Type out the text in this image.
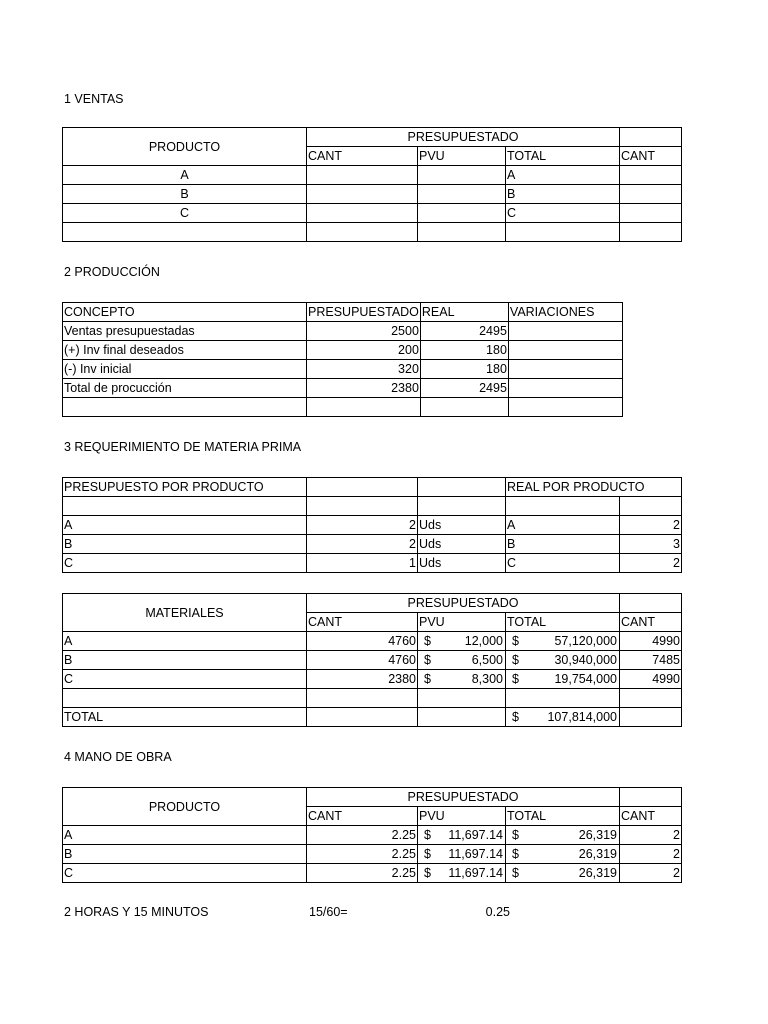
1 VENTAS
PRODUCTO	PRESUPUESTADO			
	CANT	PVU	TOTAL	CANT
A			A	
B			B	
C			C	

2 PRODUCCIÓN
CONCEPTO	PRESUPUESTADO	REAL	VARIACIONES
Ventas presupuestadas	2500	2495	
(+) Inv final deseados	200	180	
(-) Inv inicial	320	180	
Total de procucción	2380	2495	

3 REQUERIMIENTO DE MATERIA PRIMA
PRESUPUESTO POR PRODUCTO			REAL POR PRODUCTO	

A	2	Uds	A	2
B	2	Uds	B	3
C	1	Uds	C	2
MATERIALES	PRESUPUESTADO			
	CANT	PVU	TOTAL	CANT
A	4760	$ 12,000	$ 57,120,000	4990
B	4760	$ 6,500	$ 30,940,000	7485
C	2380	$ 8,300	$ 19,754,000	4990

TOTAL			$ 107,814,000	

4 MANO DE OBRA
PRODUCTO	PRESUPUESTADO			
	CANT	PVU	TOTAL	CANT
A	2.25	$ 11,697.14	$ 26,319	2
B	2.25	$ 11,697.14	$ 26,319	2
C	2.25	$ 11,697.14	$ 26,319	2
2 HORAS Y 15 MINUTOS	15/60=	0.25
